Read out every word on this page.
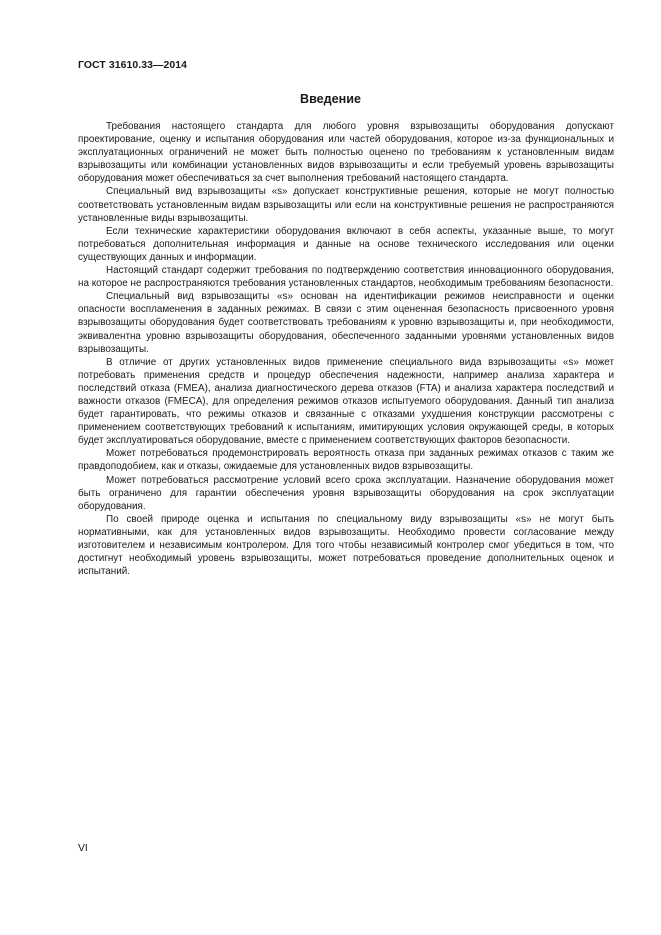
ГОСТ 31610.33—2014
Введение

Требования настоящего стандарта для любого уровня взрывозащиты оборудования допускают проектирование, оценку и испытания оборудования или частей оборудования, которое из-за функциональных и эксплуатационных ограничений не может быть полностью оценено по требованиям к установленным видам взрывозащиты или комбинации установленных видов взрывозащиты и если требуемый уровень взрывозащиты оборудования может обеспечиваться за счет выполнения требований настоящего стандарта.

Специальный вид взрывозащиты «s» допускает конструктивные решения, которые не могут полностью соответствовать установленным видам взрывозащиты или если на конструктивные решения не распространяются установленные виды взрывозащиты.

Если технические характеристики оборудования включают в себя аспекты, указанные выше, то могут потребоваться дополнительная информация и данные на основе технического исследования или оценки существующих данных и информации.

Настоящий стандарт содержит требования по подтверждению соответствия инновационного оборудования, на которое не распространяются требования установленных стандартов, необходимым требованиям безопасности.

Специальный вид взрывозащиты «s» основан на идентификации режимов неисправности и оценки опасности воспламенения в заданных режимах. В связи с этим оцененная безопасность присвоенного уровня взрывозащиты оборудования будет соответствовать требованиям к уровню взрывозащиты и, при необходимости, эквивалентна уровню взрывозащиты оборудования, обеспеченного заданными уровнями установленных видов взрывозащиты.

В отличие от других установленных видов применение специального вида взрывозащиты «s» может потребовать применения средств и процедур обеспечения надежности, например анализа характера и последствий отказа (FMEA), анализа диагностического дерева отказов (FTA) и анализа характера последствий и важности отказов (FMECA), для определения режимов отказов испытуемого оборудования. Данный тип анализа будет гарантировать, что режимы отказов и связанные с отказами ухудшения конструкции рассмотрены с применением соответствующих требований к испытаниям, имитирующих условия окружающей среды, в которых будет эксплуатироваться оборудование, вместе с применением соответствующих факторов безопасности.

Может потребоваться продемонстрировать вероятность отказа при заданных режимах отказов с таким же правдоподобием, как и отказы, ожидаемые для установленных видов взрывозащиты.

Может потребоваться рассмотрение условий всего срока эксплуатации. Назначение оборудования может быть ограничено для гарантии обеспечения уровня взрывозащиты оборудования на срок эксплуатации оборудования.

По своей природе оценка и испытания по специальному виду взрывозащиты «s» не могут быть нормативными, как для установленных видов взрывозащиты. Необходимо провести согласование между изготовителем и независимым контролером. Для того чтобы независимый контролер смог убедиться в том, что достигнут необходимый уровень взрывозащиты, может потребоваться проведение дополнительных оценок и испытаний.

VI
